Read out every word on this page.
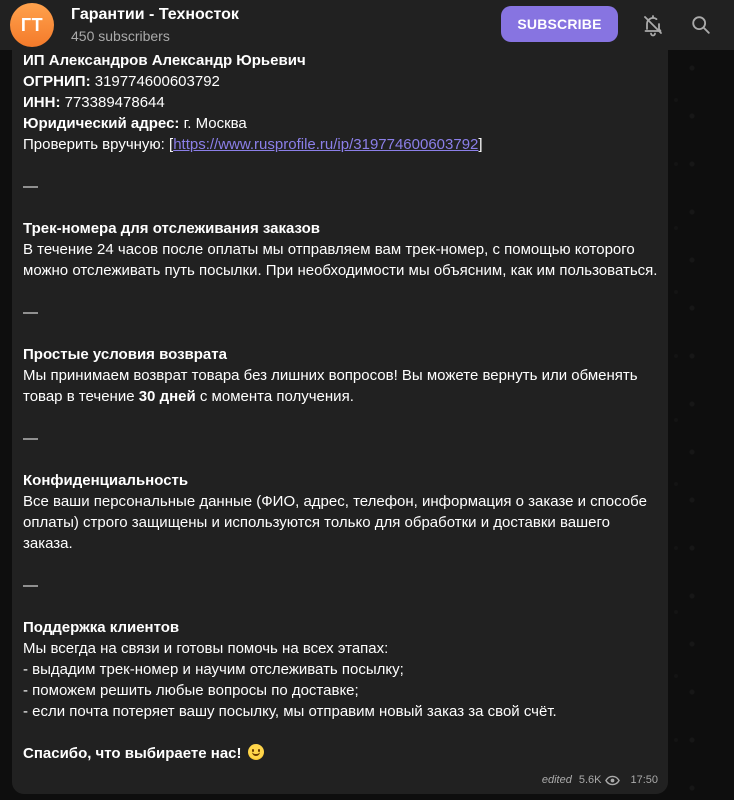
ГТ	Гарантии - Техносток
450 subscribers
SUBSCRIBE

ИП Александров Александр Юрьевич

ОГРНИП: 319774600603792

ИНН: 773389478644

Юридический адрес: г. Москва

Проверить вручную: [https://www.rusprofile.ru/ip/319774600603792]

—

Трек-номера для отслеживания заказов

В течение 24 часов после оплаты мы отправляем вам трек-номер, с помощью которого можно отслеживать путь посылки. При необходимости мы объясним, как им пользоваться.

—

Простые условия возврата

Мы принимаем возврат товара без лишних вопросов! Вы можете вернуть или обменять товар в течение 30 дней с момента получения.

—

Конфиденциальность

Все ваши персональные данные (ФИО, адрес, телефон, информация о заказе и способе оплаты) строго защищены и используются только для обработки и доставки вашего заказа.

—

Поддержка клиентов

Мы всегда на связи и готовы помочь на всех этапах:

- выдадим трек-номер и научим отслеживать посылку;

- поможем решить любые вопросы по доставке;

- если почта потеряет вашу посылку, мы отправим новый заказ за свой счёт.

Спасибо, что выбираете нас!

edited 5.6K	17:50
